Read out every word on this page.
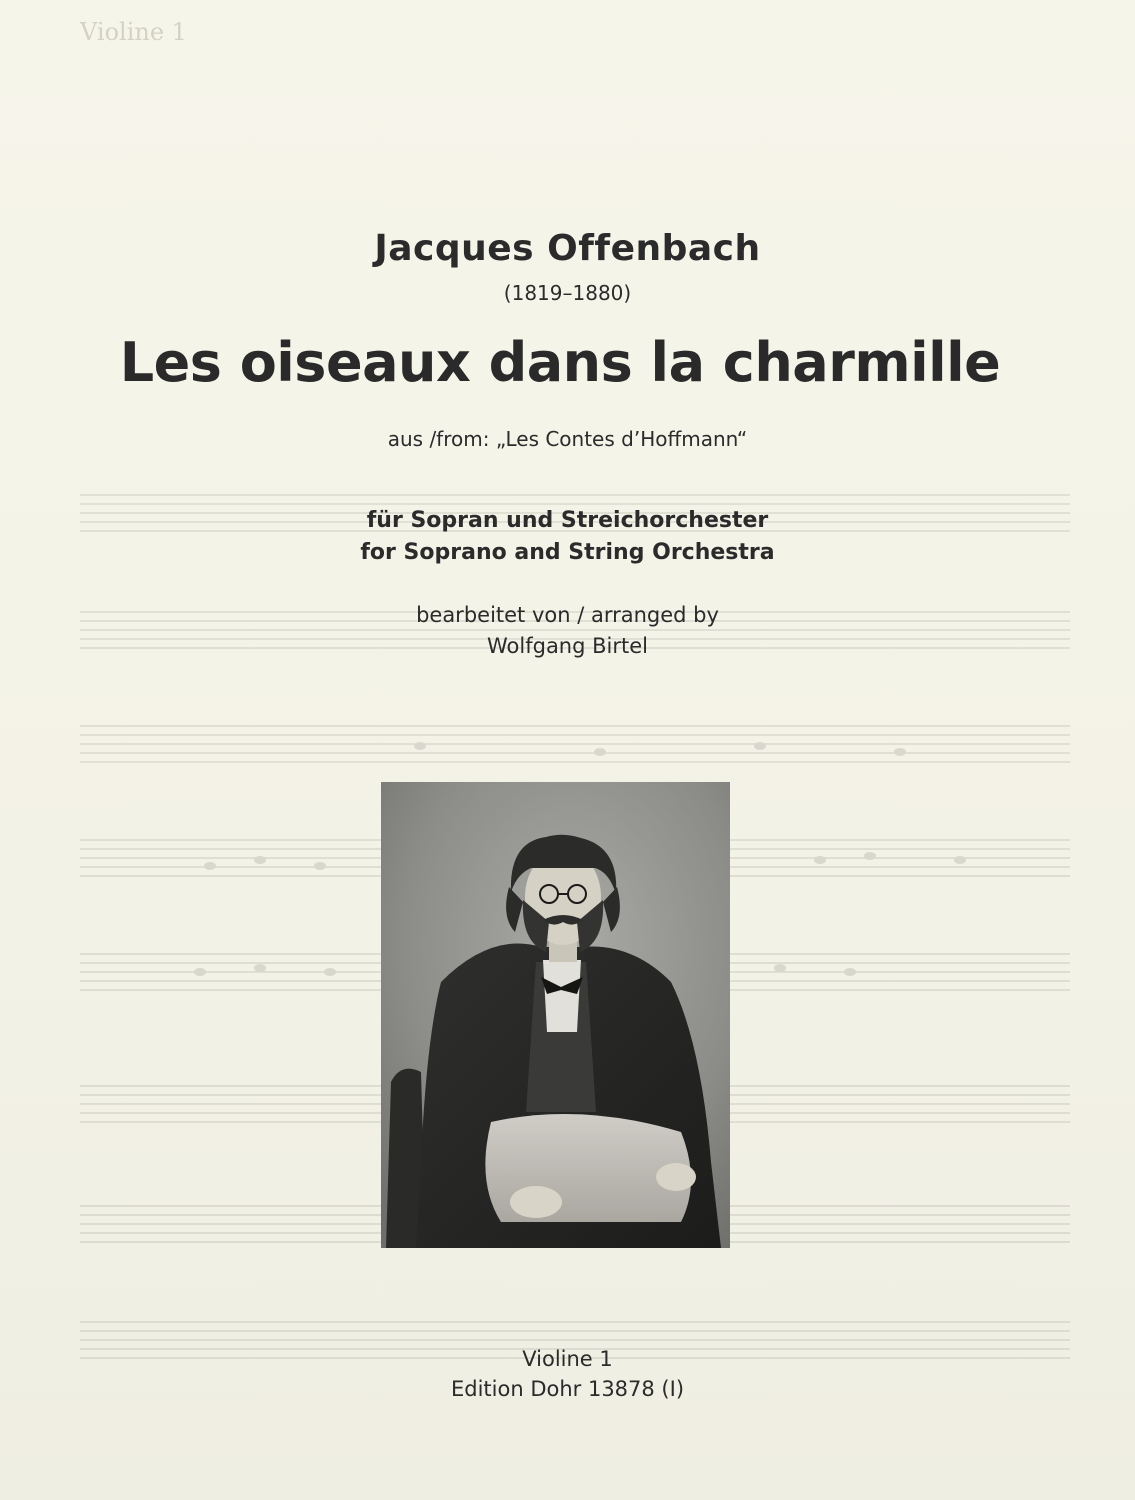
Violine 1
Jacques Offenbach
(1819–1880)
Les oiseaux dans la charmille
aus /from: „Les Contes d’Hoffmann“
für Sopran und Streichorchester
for Soprano and String Orchestra
bearbeitet von / arranged by
Wolfgang Birtel
Violine 1
Edition Dohr 13878 (I)
